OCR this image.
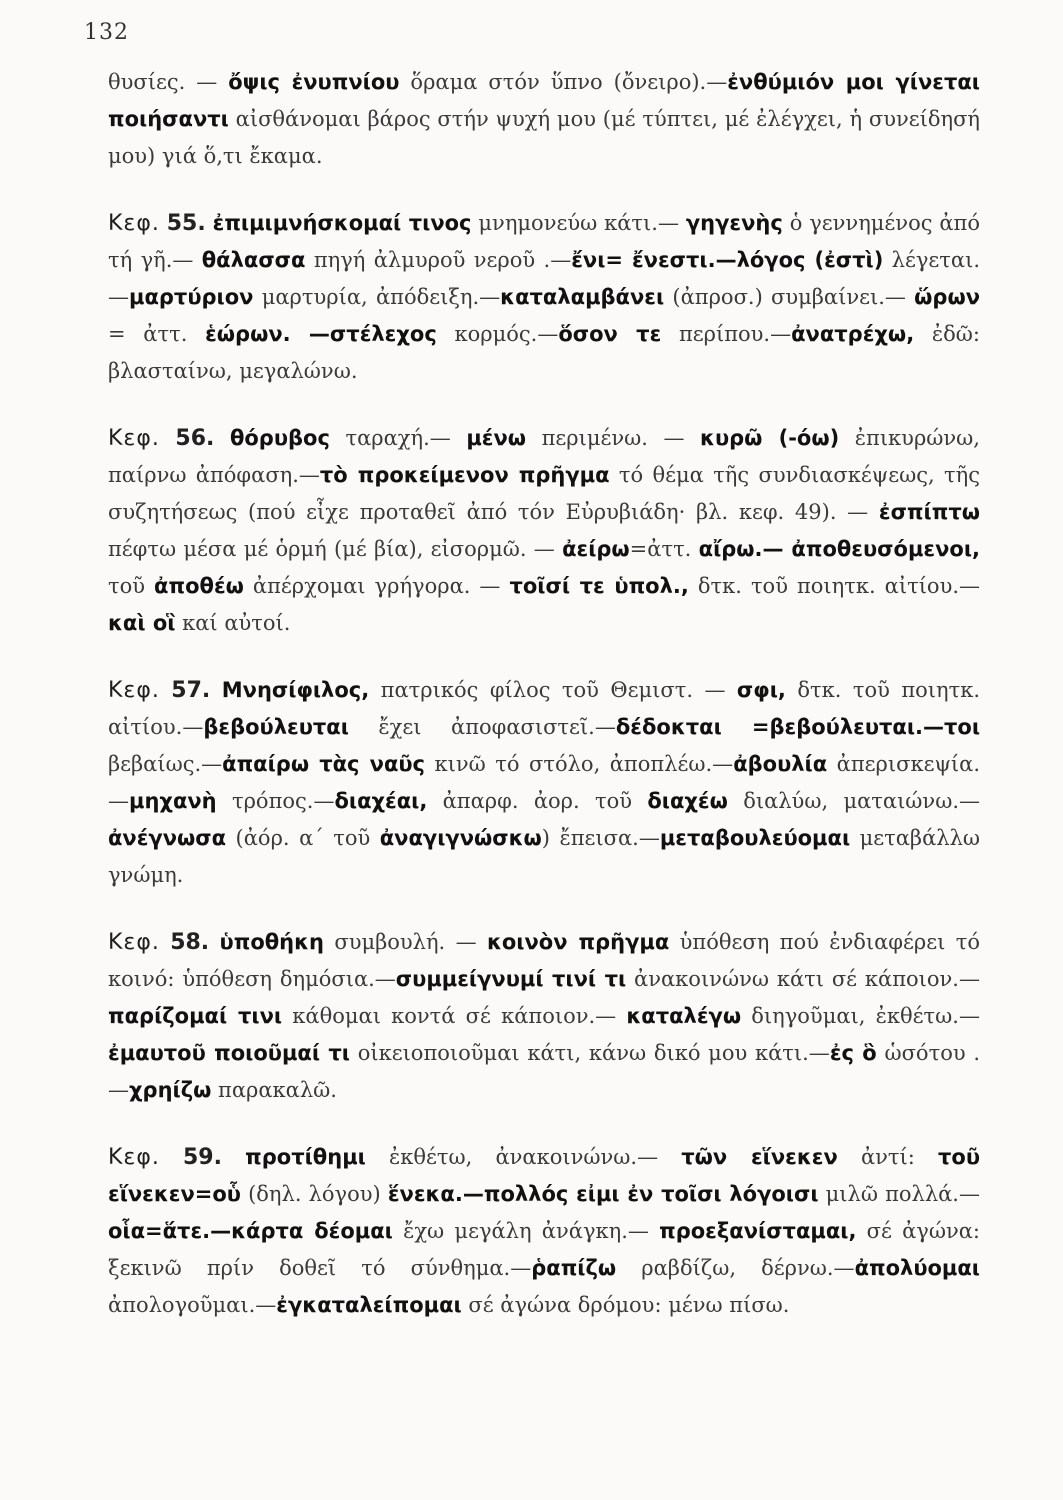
132

θυσίες. — ὄψις ἐνυπνίου ὅραμα στόν ὕπνο (ὄνειρο).—ἐνθύμιόν μοι γίνεται ποιήσαντι αἰσθάνομαι βάρος στήν ψυχή μου (μέ τύπτει, μέ ἐλέγχει, ἡ συνείδησή μου) γιά ὅ,τι ἔκαμα.

Κεφ. 55. ἐπιμιμνήσκομαί τινος μνημονεύω κάτι.— γηγενὴς ὁ γεννημένος ἀπό τή γῆ.— θάλασσα πηγή ἀλμυροῦ νεροῦ .—ἔνι= ἔνεστι.—λόγος (ἐστὶ) λέγεται.—μαρτύριον μαρτυρία, ἀπόδειξη.—καταλαμβάνει (ἀπροσ.) συμβαίνει.— ὥρων = ἀττ. ἑώρων. —στέλεχος κορμός.—ὅσον τε περίπου.—ἀνατρέχω, ἐδῶ: βλασταίνω, μεγαλώνω.

Κεφ. 56. θόρυβος ταραχή.— μένω περιμένω. — κυρῶ (-όω) ἐπικυρώνω, παίρνω ἀπόφαση.—τὸ προκείμενον πρῆγμα τό θέμα τῆς συνδιασκέψεως, τῆς συζητήσεως (πού εἶχε προταθεῖ ἀπό τόν Εὐρυβιάδη· βλ. κεφ. 49). — ἐσπίπτω πέφτω μέσα μέ ὁρμή (μέ βία), εἰσορμῶ. — ἀείρω=ἀττ. αἴρω.— ἀποθευσόμενοι, τοῦ ἀποθέω ἀπέρχομαι γρήγορα. — τοῖσί τε ὑπολ., δτκ. τοῦ ποιητκ. αἰτίου.— καὶ οἳ καί αὐτοί.

Κεφ. 57. Μνησίφιλος, πατρικός φίλος τοῦ Θεμιστ. — σφι, δτκ. τοῦ ποιητκ. αἰτίου.—βεβούλευται ἔχει ἀποφασιστεῖ.—δέδοκται =βεβούλευται.—τοι βεβαίως.—ἀπαίρω τὰς ναῦς κινῶ τό στόλο, ἀποπλέω.—ἀβουλία ἀπερισκεψία.—μηχανὴ τρόπος.—διαχέαι, ἀπαρφ. ἀορ. τοῦ διαχέω διαλύω, ματαιώνω.—ἀνέγνωσα (ἀόρ. α΄ τοῦ ἀναγιγνώσκω) ἔπεισα.—μεταβουλεύομαι μεταβάλλω γνώμη.

Κεφ. 58. ὑποθήκη συμβουλή. — κοινὸν πρῆγμα ὑπόθεση πού ἐνδιαφέρει τό κοινό: ὑπόθεση δημόσια.—συμμείγνυμί τινί τι ἀνακοινώνω κάτι σέ κάποιον.—παρίζομαί τινι κάθομαι κοντά σέ κάποιον.— καταλέγω διηγοῦμαι, ἐκθέτω.—ἐμαυτοῦ ποιοῦμαί τι οἰκειοποιοῦμαι κάτι, κάνω δικό μου κάτι.—ἐς ὃ ὡσότου . —χρηίζω παρακαλῶ.

Κεφ. 59. προτίθημι ἐκθέτω, ἀνακοινώνω.— τῶν εἵνεκεν ἀντί: τοῦ εἵνεκεν=οὗ (δηλ. λόγου) ἕνεκα.—πολλός εἰμι ἐν τοῖσι λόγοισι μιλῶ πολλά.—οἷα=ἅτε.—κάρτα δέομαι ἔχω μεγάλη ἀνάγκη.— προεξανίσταμαι, σέ ἀγώνα: ξεκινῶ πρίν δοθεῖ τό σύνθημα.—ῥαπίζω ραβδίζω, δέρνω.—ἀπολύομαι ἀπολογοῦμαι.—ἐγκαταλείπομαι σέ ἀγώνα δρόμου: μένω πίσω.
